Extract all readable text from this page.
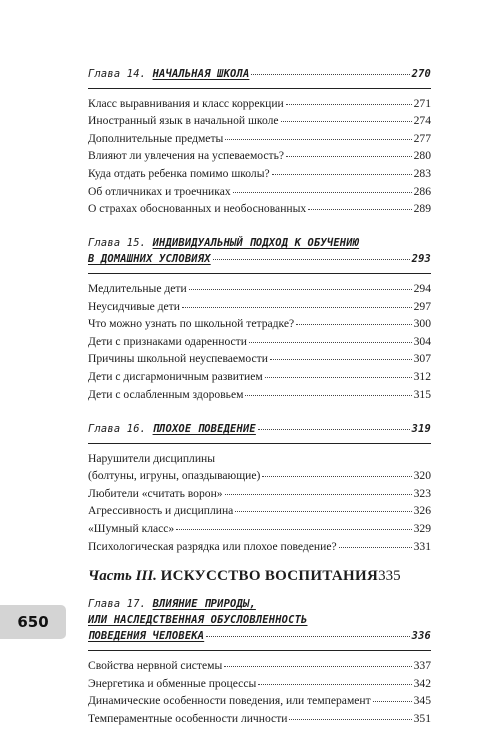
Глава 14. НАЧАЛЬНАЯ ШКОЛА	270
Класс выравнивания и класс коррекции	271
Иностранный язык в начальной школе	274
Дополнительные предметы	277
Влияют ли увлечения на успеваемость?	280
Куда отдать ребенка помимо школы?	283
Об отличниках и троечниках	286
О страхах обоснованных и необоснованных	289
Глава 15. ИНДИВИДУАЛЬНЫЙ ПОДХОД К ОБУЧЕНИЮ
В ДОМАШНИХ УСЛОВИЯХ	293
Медлительные дети	294
Неусидчивые дети	297
Что можно узнать по школьной тетрадке?	300
Дети с признаками одаренности	304
Причины школьной неуспеваемости	307
Дети с дисгармоничным развитием	312
Дети с ослабленным здоровьем	315
Глава 16. ПЛОХОЕ ПОВЕДЕНИЕ	319
Нарушители дисциплины
(болтуны, игруны, опаздывающие)	320
Любители «считать ворон»	323
Агрессивность и дисциплина	326
«Шумный класс»	329
Психологическая разрядка или плохое поведение?	331
Часть III. ИСКУССТВО ВОСПИТАНИЯ 335
Глава 17. ВЛИЯНИЕ ПРИРОДЫ,
ИЛИ НАСЛЕДСТВЕННАЯ ОБУСЛОВЛЕННОСТЬ
ПОВЕДЕНИЯ ЧЕЛОВЕКА	336
Свойства нервной системы	337
Энергетика и обменные процессы	342
Динамические особенности поведения, или темперамент	345
Темпераментные особенности личности	351
650
